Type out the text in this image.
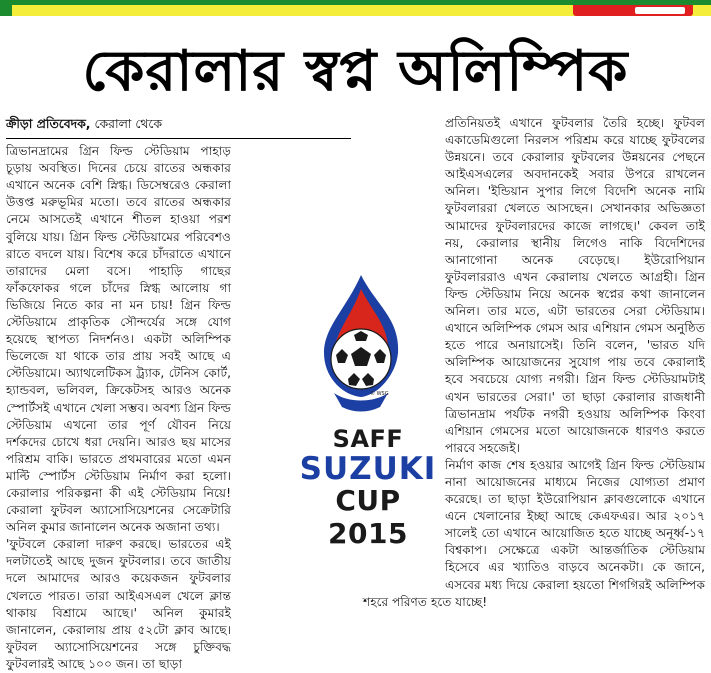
কেরালার স্বপ্ন অলিম্পিক

ক্রীড়া প্রতিবেদক, কেরালা থেকে

ত্রিভানদ্রামের গ্রিন ফিল্ড স্টেডিয়াম পাহাড় চূড়ায় অবস্থিত। দিনের চেয়ে রাতের অন্ধকার এখানে অনেক বেশি স্নিগ্ধ। ডিসেম্বরেও কেরালা উত্তপ্ত মরুভূমির মতো। তবে রাতের অন্ধকার নেমে আসতেই এখানে শীতল হাওয়া পরশ বুলিয়ে যায়। গ্রিন ফিল্ড স্টেডিয়ামের পরিবেশও রাতে বদলে যায়। বিশেষ করে চাঁদরাতে এখানে তারাদের মেলা বসে। পাহাড়ি গাছের ফাঁকফোকর গলে চাঁদের স্নিগ্ধ আলোয় গা ভিজিয়ে নিতে কার না মন চায়! গ্রিন ফিল্ড স্টেডিয়ামে প্রাকৃতিক সৌন্দর্যের সঙ্গে যোগ হয়েছে স্থাপত্য নিদর্শনও। একটা অলিম্পিক ভিলেজে যা থাকে তার প্রায় সবই আছে এ স্টেডিয়ামে। অ্যাথলেটিকস ট্র্যাক, টেনিস কোর্ট, হ্যান্ডবল, ভলিবল, ক্রিকেটসহ আরও অনেক স্পোর্টসই এখানে খেলা সম্ভব। অবশ্য গ্রিন ফিল্ড স্টেডিয়াম এখনো তার পূর্ণ যৌবন নিয়ে দর্শকদের চোখে ধরা দেয়নি। আরও ছয় মাসের পরিশ্রম বাকি। ভারতে প্রথমবারের মতো এমন মাল্টি স্পোর্টস স্টেডিয়াম নির্মাণ করা হলো। কেরালার পরিকল্পনা কী এই স্টেডিয়াম নিয়ে! কেরালা ফুটবল অ্যাসোসিয়েশনের সেক্রেটারি অনিল কুমার জানালেন অনেক অজানা তথ্য।

'ফুটবলে কেরালা দারুণ করছে। ভারতের এই দলটাতেই আছে দুজন ফুটবলার। তবে জাতীয় দলে আমাদের আরও কয়েকজন ফুটবলার খেলতে পারত। তারা আইএসএল খেলে ক্লান্ত থাকায় বিশ্রামে আছে।' অনিল কুমারই জানালেন, কেরালায় প্রায় ৫২টো ক্লাব আছে। ফুটবল অ্যাসোসিয়েশনের সঙ্গে চুক্তিবদ্ধ ফুটবলারই আছে ১০০ জন। তা ছাড়া

প্রতিনিয়তই এখানে ফুটবলার তৈরি হচ্ছে। ফুটবল একাডেমিগুলো নিরলস পরিশ্রম করে যাচ্ছে ফুটবলের উন্নয়নে। তবে কেরালার ফুটবলের উন্নয়নের পেছনে আইএসএলের অবদানকেই সবার উপরে রাখলেন অনিল। 'ইন্ডিয়ান সুপার লিগে বিদেশি অনেক নামি ফুটবলাররা খেলতে আসছেন। সেখানকার অভিজ্ঞতা আমাদের ফুটবলারদের কাজে লাগছে।' কেবল তাই নয়, কেরালার স্থানীয় লিগেও নাকি বিদেশিদের আনাগোনা অনেক বেড়েছে। ইউরোপিয়ান ফুটবলাররাও এখন কেরালায় খেলতে আগ্রহী। গ্রিন ফিল্ড স্টেডিয়াম নিয়ে অনেক স্বপ্নের কথা জানালেন অনিল। তার মতে, এটা ভারতের সেরা স্টেডিয়াম। এখানে অলিম্পিক গেমস আর এশিয়ান গেমস অনুষ্ঠিত হতে পারে অনায়াসেই। তিনি বলেন, 'ভারত যদি অলিম্পিক আয়োজনের সুযোগ পায় তবে কেরালাই হবে সবচেয়ে যোগ্য নগরী। গ্রিন ফিল্ড স্টেডিয়ামটাই এখন ভারতের সেরা।' তা ছাড়া কেরালার রাজধানী ত্রিভানদ্রাম পর্যটক নগরী হওয়ায় অলিম্পিক কিংবা এশিয়ান গেমসের মতো আয়োজনকে ধারণও করতে পারবে সহজেই।

নির্মাণ কাজ শেষ হওয়ার আগেই গ্রিন ফিল্ড স্টেডিয়াম নানা আয়োজনের মাধ্যমে নিজের যোগ্যতা প্রমাণ করেছে। তা ছাড়া ইউরোপিয়ান ক্লাবগুলোকে এখানে এনে খেলানোর ইচ্ছা আছে কেএফএর। আর ২০১৭ সালেই তো এখানে আয়োজিত হতে যাচ্ছে অনূর্ধ্ব-১৭ বিশ্বকাপ। সেক্ষেত্রে একটা আন্তর্জাতিক স্টেডিয়াম হিসেবে এর খ্যাতিও বাড়বে অনেকটা। কে জানে, এসবের মধ্য দিয়ে কেরালা হয়তো শিগগিরই অলিম্পিক শহরে পরিণত হতে যাচ্ছে!

© WSG
SAFF
SUZUKI
CUP 2015
